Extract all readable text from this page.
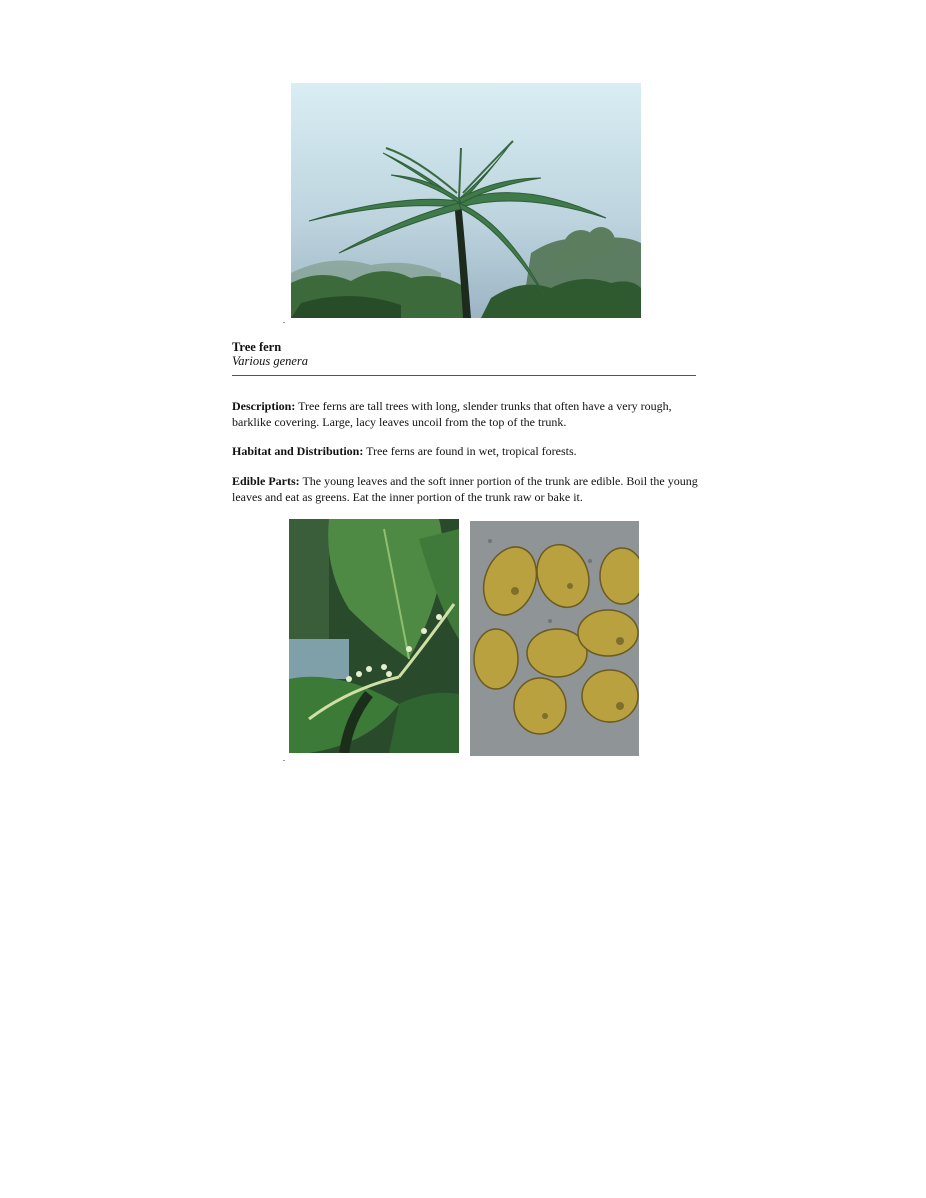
Tree fern
Various genera

Description: Tree ferns are tall trees with long, slender trunks that often have a very rough, barklike covering. Large, lacy leaves uncoil from the top of the trunk.

Habitat and Distribution: Tree ferns are found in wet, tropical forests.

Edible Parts: The young leaves and the soft inner portion of the trunk are edible. Boil the young leaves and eat as greens. Eat the inner portion of the trunk raw or bake it.
